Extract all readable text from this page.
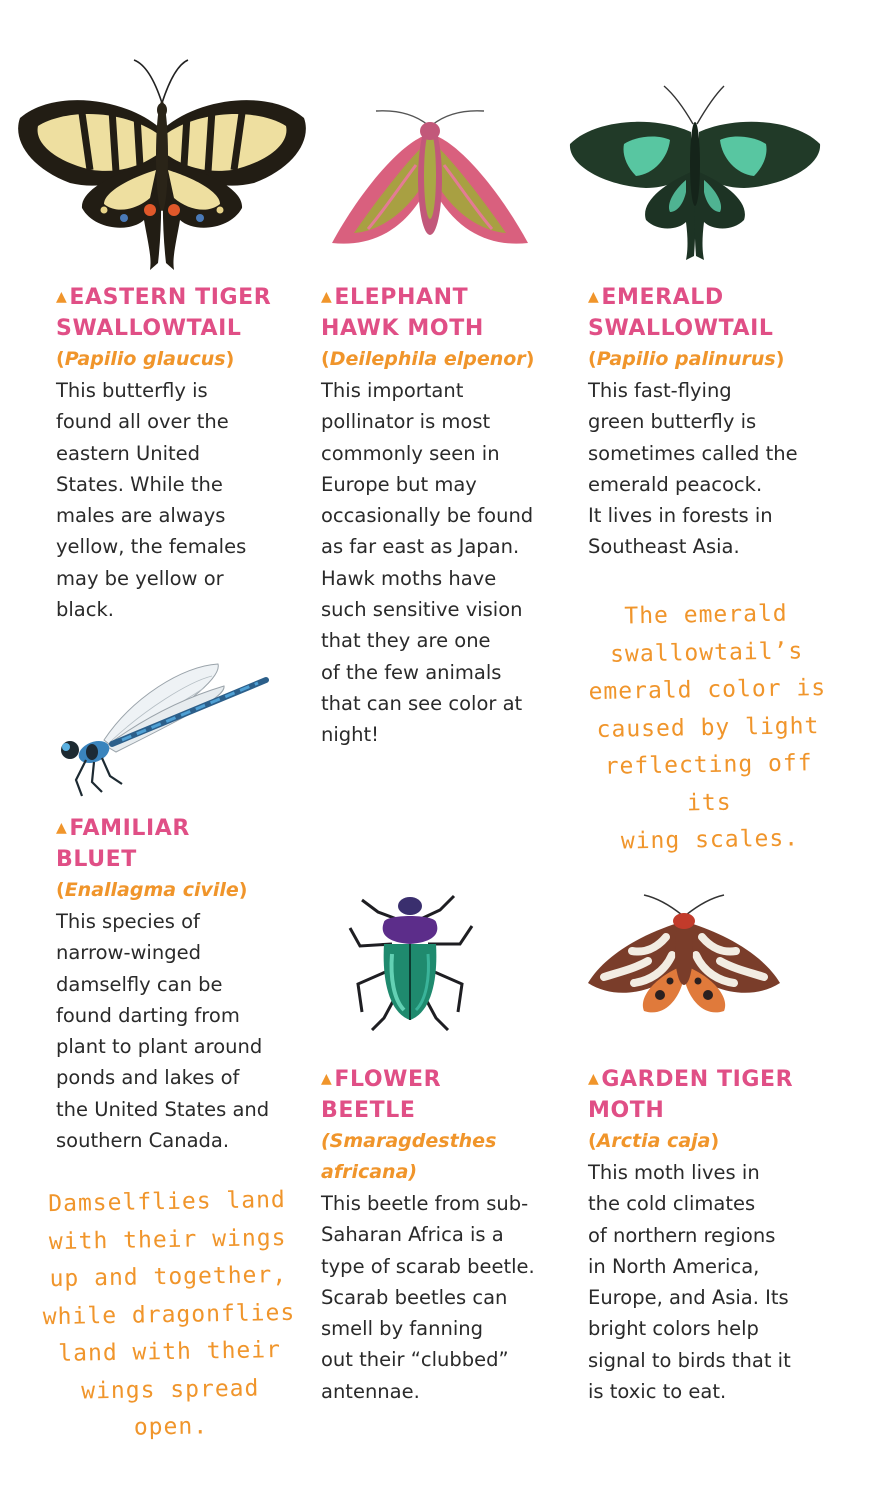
▲EASTERN TIGER
SWALLOWTAIL
(Papilio glaucus)

This butterfly is
found all over the
eastern United
States. While the
males are always
yellow, the females
may be yellow or
black.

▲ELEPHANT
HAWK MOTH
(Deilephila elpenor)

This important
pollinator is most
commonly seen in
Europe but may
occasionally be found
as far east as Japan.
Hawk moths have
such sensitive vision
that they are one
of the few animals
that can see color at
night!

▲EMERALD
SWALLOWTAIL
(Papilio palinurus)

This fast-flying
green butterfly is
sometimes called the
emerald peacock.
It lives in forests in
Southeast Asia.

▲FAMILIAR
BLUET
(Enallagma civile)

This species of
narrow-winged
damselfly can be
found darting from
plant to plant around
ponds and lakes of
the United States and
southern Canada.

▲FLOWER
BEETLE
(Smaragdesthes
africana)

This beetle from sub-
Saharan Africa is a
type of scarab beetle.
Scarab beetles can
smell by fanning
out their “clubbed”
antennae.

▲GARDEN TIGER
MOTH
(Arctia caja)

This moth lives in
the cold climates
of northern regions
in North America,
Europe, and Asia. Its
bright colors help
signal to birds that it
is toxic to eat.

The emerald
swallowtail’s
emerald color is
caused by light
reflecting off its
wing scales.
Damselflies land
with their wings
up and together,
while dragonflies
land with their
wings spread open.
